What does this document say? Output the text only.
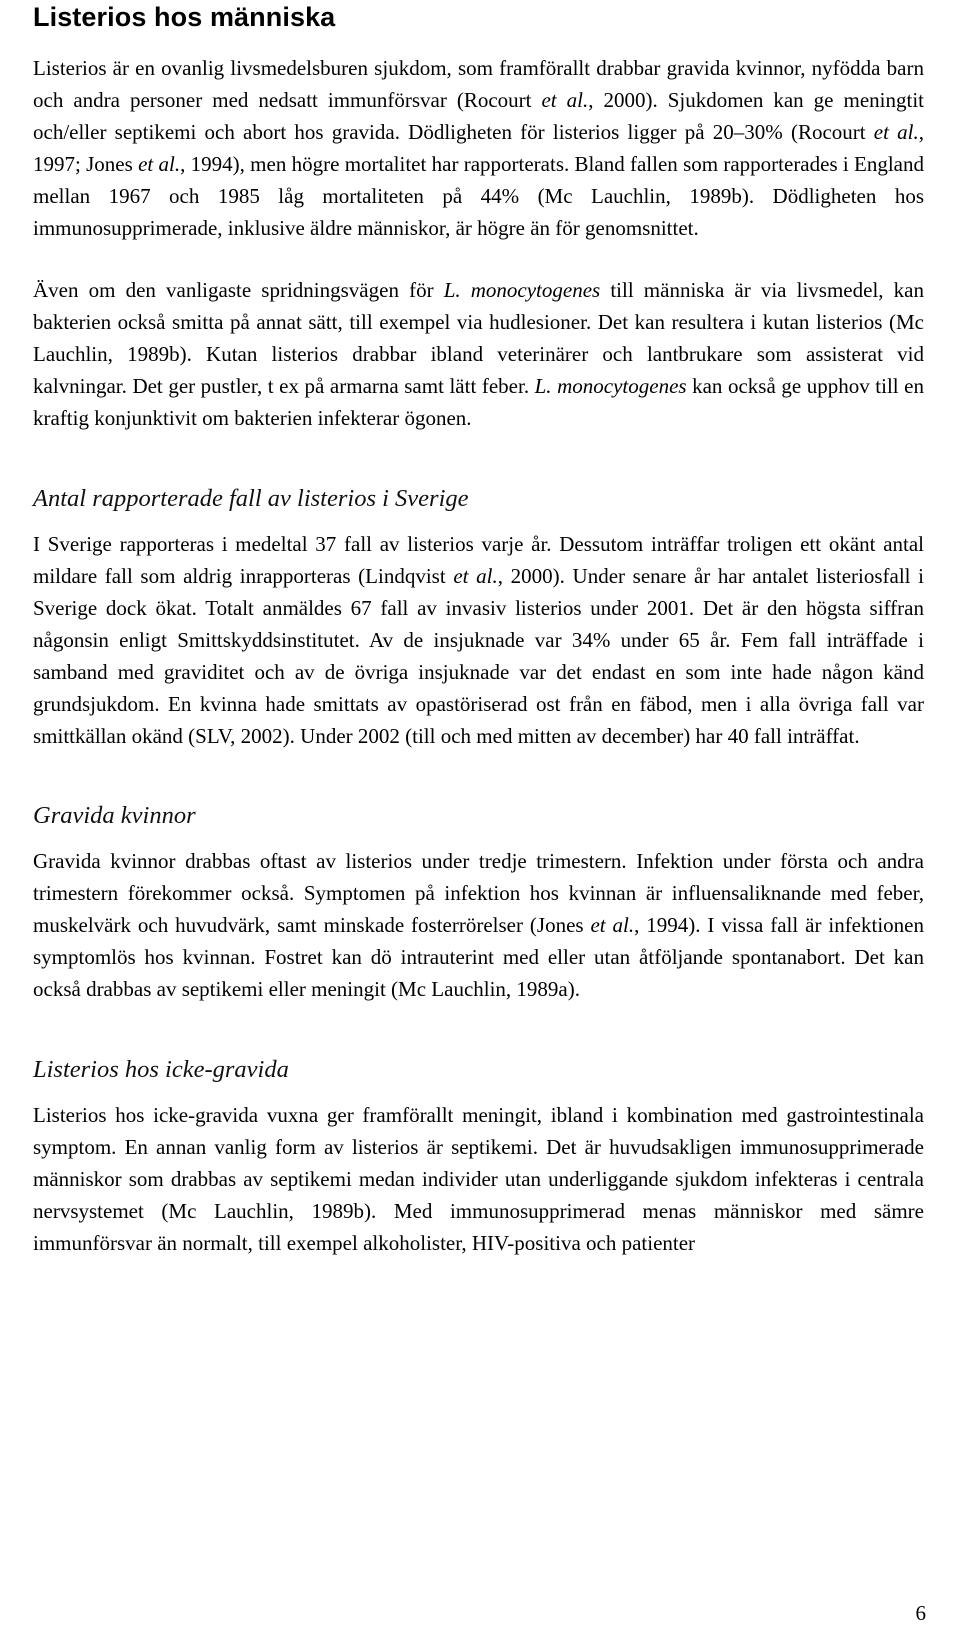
Listerios hos människa

Listerios är en ovanlig livsmedelsburen sjukdom, som framförallt drabbar gravida kvinnor, nyfödda barn och andra personer med nedsatt immunförsvar (Rocourt et al., 2000). Sjukdomen kan ge meningtit och/eller septikemi och abort hos gravida. Dödligheten för listerios ligger på 20–30% (Rocourt et al., 1997; Jones et al., 1994), men högre mortalitet har rapporterats. Bland fallen som rapporterades i England mellan 1967 och 1985 låg mortaliteten på 44% (Mc Lauchlin, 1989b). Dödligheten hos immunosupprimerade, inklusive äldre människor, är högre än för genomsnittet.

Även om den vanligaste spridningsvägen för L. monocytogenes till människa är via livsmedel, kan bakterien också smitta på annat sätt, till exempel via hudlesioner. Det kan resultera i kutan listerios (Mc Lauchlin, 1989b). Kutan listerios drabbar ibland veterinärer och lantbrukare som assisterat vid kalvningar. Det ger pustler, t ex på armarna samt lätt feber. L. monocytogenes kan också ge upphov till en kraftig konjunktivit om bakterien infekterar ögonen.

Antal rapporterade fall av listerios i Sverige

I Sverige rapporteras i medeltal 37 fall av listerios varje år. Dessutom inträffar troligen ett okänt antal mildare fall som aldrig inrapporteras (Lindqvist et al., 2000). Under senare år har antalet listeriosfall i Sverige dock ökat. Totalt anmäldes 67 fall av invasiv listerios under 2001. Det är den högsta siffran någonsin enligt Smittskyddsinstitutet. Av de insjuknade var 34% under 65 år. Fem fall inträffade i samband med graviditet och av de övriga insjuknade var det endast en som inte hade någon känd grundsjukdom. En kvinna hade smittats av opastöriserad ost från en fäbod, men i alla övriga fall var smittkällan okänd (SLV, 2002). Under 2002 (till och med mitten av december) har 40 fall inträffat.

Gravida kvinnor

Gravida kvinnor drabbas oftast av listerios under tredje trimestern. Infektion under första och andra trimestern förekommer också. Symptomen på infektion hos kvinnan är influensaliknande med feber, muskelvärk och huvudvärk, samt minskade fosterrörelser (Jones et al., 1994). I vissa fall är infektionen symptomlös hos kvinnan. Fostret kan dö intrauterint med eller utan åtföljande spontanabort. Det kan också drabbas av septikemi eller meningit (Mc Lauchlin, 1989a).

Listerios hos icke-gravida

Listerios hos icke-gravida vuxna ger framförallt meningit, ibland i kombination med gastrointestinala symptom. En annan vanlig form av listerios är septikemi. Det är huvudsakligen immunosupprimerade människor som drabbas av septikemi medan individer utan underliggande sjukdom infekteras i centrala nervsystemet (Mc Lauchlin, 1989b). Med immunosupprimerad menas människor med sämre immunförsvar än normalt, till exempel alkoholister, HIV-positiva och patienter

6
